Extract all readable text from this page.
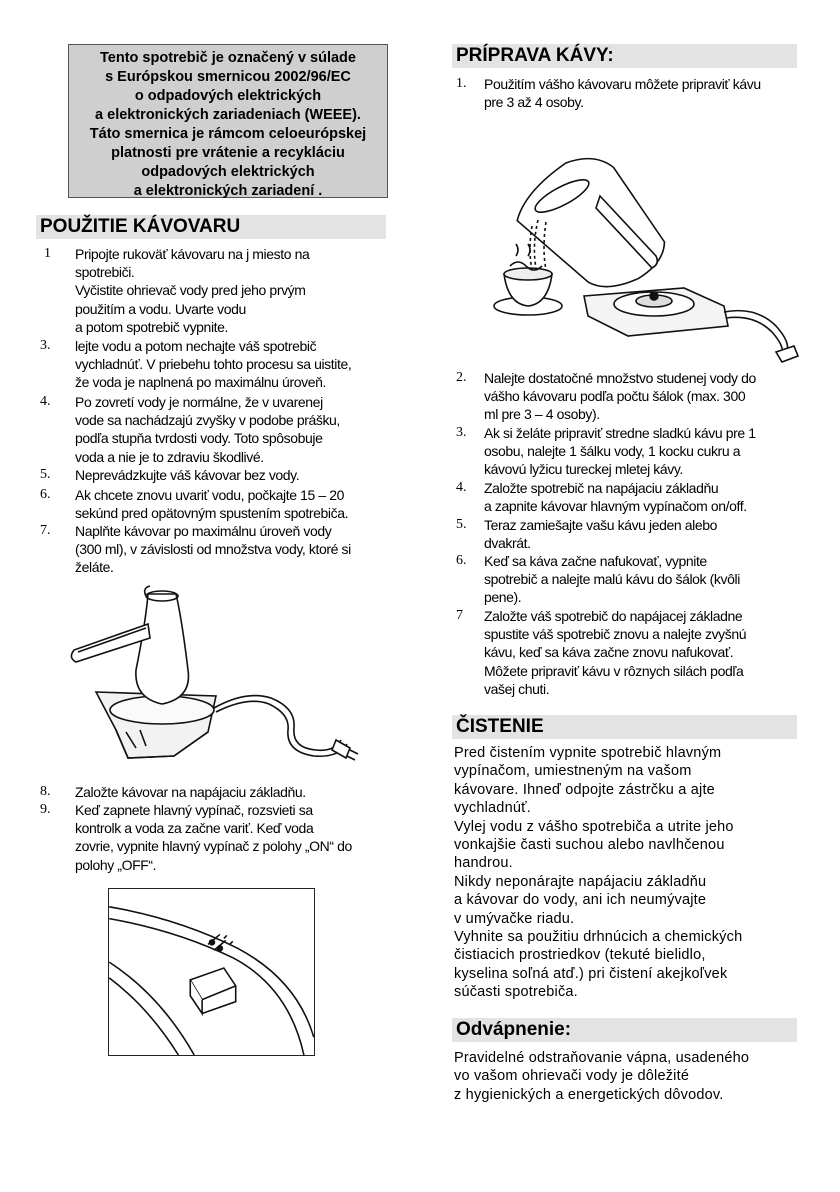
Tento spotrebič je označený v súlade
s Európskou smernicou 2002/96/EC
o odpadových elektrických
a elektronických zariadeniach (WEEE).
Táto smernica je rámcom celoeurópskej
platnosti pre vrátenie a recykláciu
odpadových elektrických
a elektronických zariadení .
POUŽITIE KÁVOVARU
1	Pripojte rukoväť kávovaru na j miesto na
spotrebiči.
Vyčistite ohrievač vody pred jeho prvým
použitím a vodu. Uvarte vodu
a potom spotrebič vypnite.
3.	lejte vodu a potom nechajte váš spotrebič
vychladnúť. V priebehu tohto procesu sa uistite,
že voda je naplnená po maximálnu úroveň.
4.	Po zovretí vody je normálne, že v uvarenej
vode sa nachádzajú zvyšky v podobe prášku,
podľa stupňa tvrdosti vody. Toto spôsobuje
voda a nie je to zdraviu škodlivé.
5.	Neprevádzkujte váš kávovar bez vody.
6.	Ak chcete znovu uvariť vodu, počkajte 15 – 20
sekúnd pred opätovným spustením spotrebiča.
7.	Naplňte kávovar po maximálnu úroveň vody
(300 ml), v závislosti od množstva vody, ktoré si
želáte.
8.	Založte kávovar na napájaciu základňu.
9.	Keď zapnete hlavný vypínač, rozsvieti sa
kontrolk a voda za začne variť. Keď voda
zovrie, vypnite hlavný vypínač z polohy „ON“ do
polohy „OFF“.
PRÍPRAVA KÁVY:
1.	Použitím vášho kávovaru môžete pripraviť kávu
pre 3 až 4 osoby.
2.	Nalejte dostatočné množstvo studenej vody do
vášho kávovaru podľa počtu šálok (max. 300
ml pre 3 – 4 osoby).
3.	Ak si želáte pripraviť stredne sladkú kávu pre 1
osobu, nalejte 1 šálku vody, 1 kocku cukru a
kávovú lyžicu tureckej mletej kávy.
4.	Založte spotrebič na napájaciu základňu
a zapnite kávovar hlavným vypínačom on/off.
5.	Teraz zamiešajte vašu kávu jeden alebo
dvakrát.
6.	Keď sa káva začne nafukovať, vypnite
spotrebič a nalejte malú kávu do šálok (kvôli
pene).
7	Založte váš spotrebič do napájacej základne
spustite váš spotrebič znovu a nalejte zvyšnú
kávu, keď sa káva začne znovu nafukovať.
Môžete pripraviť kávu v rôznych silách podľa
vašej chuti.
ČISTENIE
Pred čistením vypnite spotrebič hlavným
vypínačom, umiestneným na vašom
kávovare. Ihneď odpojte zástrčku a ajte
vychladnúť.
Vylej vodu z vášho spotrebiča a utrite jeho
vonkajšie časti suchou alebo navlhčenou
handrou.
Nikdy neponárajte napájaciu základňu
a kávovar do vody, ani ich neumývajte
v umývačke riadu.
Vyhnite sa použitiu drhnúcich a chemických
čistiacich prostriedkov (tekuté bielidlo,
kyselina soľná atď.) pri čistení akejkoľvek
súčasti spotrebiča.
Odvápnenie:
Pravidelné odstraňovanie vápna, usadeného
vo vašom ohrievači vody je dôležité
z hygienických a energetických dôvodov.
